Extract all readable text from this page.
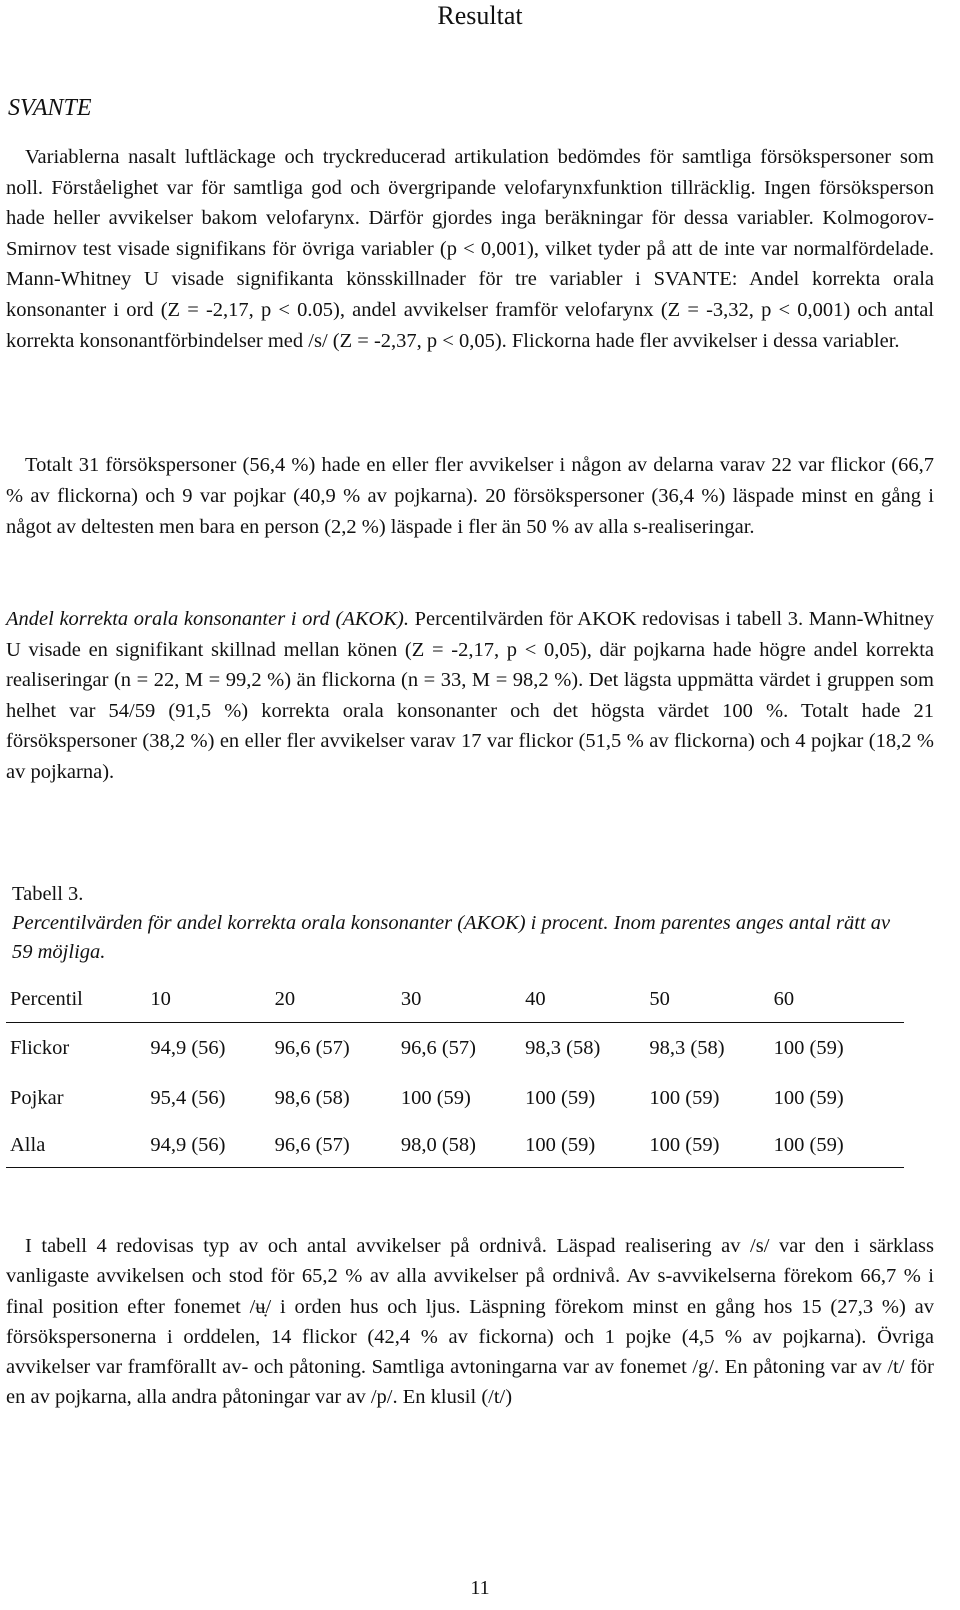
Resultat
SVANTE

Variablerna nasalt luftläckage och tryckreducerad artikulation bedömdes för samtliga försökspersoner som noll. Förståelighet var för samtliga god och övergripande velofarynxfunktion tillräcklig. Ingen försöksperson hade heller avvikelser bakom velofarynx. Därför gjordes inga beräkningar för dessa variabler. Kolmogorov-Smirnov test visade signifikans för övriga variabler (p < 0,001), vilket tyder på att de inte var normalfördelade. Mann-Whitney U visade signifikanta könsskillnader för tre variabler i SVANTE: Andel korrekta orala konsonanter i ord (Z = -2,17, p < 0.05), andel avvikelser framför velofarynx (Z = -3,32, p < 0,001) och antal korrekta konsonantförbindelser med /s/ (Z = -2,37, p < 0,05). Flickorna hade fler avvikelser i dessa variabler.

Totalt 31 försökspersoner (56,4 %) hade en eller fler avvikelser i någon av delarna varav 22 var flickor (66,7 % av flickorna) och 9 var pojkar (40,9 % av pojkarna). 20 försökspersoner (36,4 %) läspade minst en gång i något av deltesten men bara en person (2,2 %) läspade i fler än 50 % av alla s-realiseringar.

Andel korrekta orala konsonanter i ord (AKOK). Percentilvärden för AKOK redovisas i tabell 3. Mann-Whitney U visade en signifikant skillnad mellan könen (Z = -2,17, p < 0,05), där pojkarna hade högre andel korrekta realiseringar (n = 22, M = 99,2 %) än flickorna (n = 33, M = 98,2 %). Det lägsta uppmätta värdet i gruppen som helhet var 54/59 (91,5 %) korrekta orala konsonanter och det högsta värdet 100 %. Totalt hade 21 försökspersoner (38,2 %) en eller fler avvikelser varav 17 var flickor (51,5 % av flickorna) och 4 pojkar (18,2 % av pojkarna).

Tabell 3.
Percentilvärden för andel korrekta orala konsonanter (AKOK) i procent. Inom parentes anges antal rätt av 59 möjliga.
Percentil	10	20	30	40	50	60
Flickor	94,9 (56)	96,6 (57)	96,6 (57)	98,3 (58)	98,3 (58)	100 (59)
Pojkar	95,4 (56)	98,6 (58)	100 (59)	100 (59)	100 (59)	100 (59)
Alla	94,9 (56)	96,6 (57)	98,0 (58)	100 (59)	100 (59)	100 (59)

I tabell 4 redovisas typ av och antal avvikelser på ordnivå. Läspad realisering av /s/ var den i särklass vanligaste avvikelsen och stod för 65,2 % av alla avvikelser på ordnivå. Av s-avvikelserna förekom 66,7 % i final position efter fonemet /ʉ̣/ i orden hus och ljus. Läspning förekom minst en gång hos 15 (27,3 %) av försökspersonerna i orddelen, 14 flickor (42,4 % av fickorna) och 1 pojke (4,5 % av pojkarna). Övriga avvikelser var framförallt av- och påtoning. Samtliga avtoningarna var av fonemet /g/. En påtoning var av /t/ för en av pojkarna, alla andra påtoningar var av /p/. En klusil (/t/)

11
